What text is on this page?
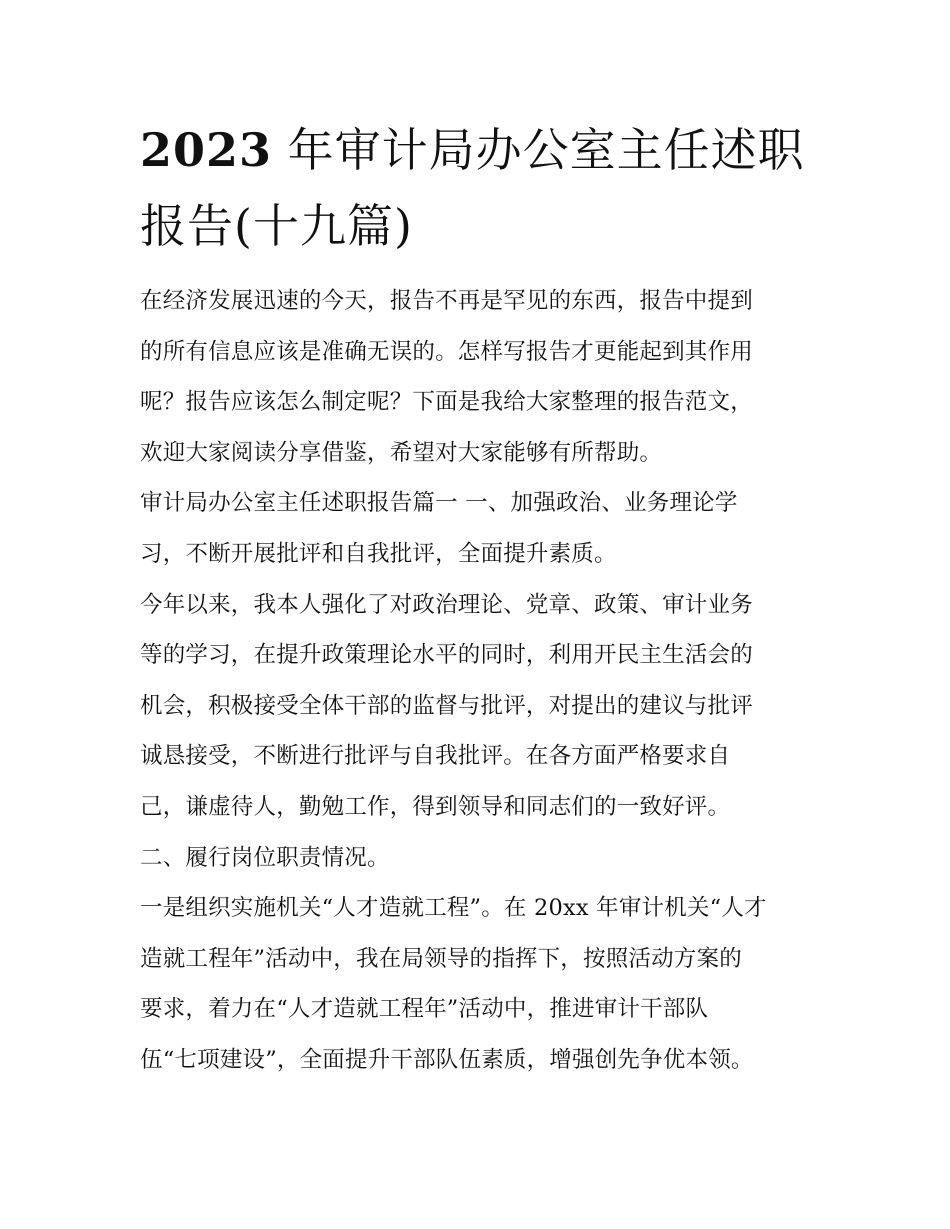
2023 年审计局办公室主任述职
报告(十九篇)

在经济发展迅速的今天，报告不再是罕见的东西，报告中提到
的所有信息应该是准确无误的。怎样写报告才更能起到其作用
呢？报告应该怎么制定呢？下面是我给大家整理的报告范文，
欢迎大家阅读分享借鉴，希望对大家能够有所帮助。

审计局办公室主任述职报告篇一 一、加强政治、业务理论学
习，不断开展批评和自我批评，全面提升素质。

今年以来，我本人强化了对政治理论、党章、政策、审计业务
等的学习，在提升政策理论水平的同时，利用开民主生活会的
机会，积极接受全体干部的监督与批评，对提出的建议与批评
诚恳接受，不断进行批评与自我批评。在各方面严格要求自
己，谦虚待人，勤勉工作，得到领导和同志们的一致好评。

二、履行岗位职责情况。

一是组织实施机关“人才造就工程”。在 20xx 年审计机关“人才
造就工程年”活动中，我在局领导的指挥下，按照活动方案的
要求，着力在“人才造就工程年”活动中，推进审计干部队
伍“七项建设”，全面提升干部队伍素质，增强创先争优本领。
